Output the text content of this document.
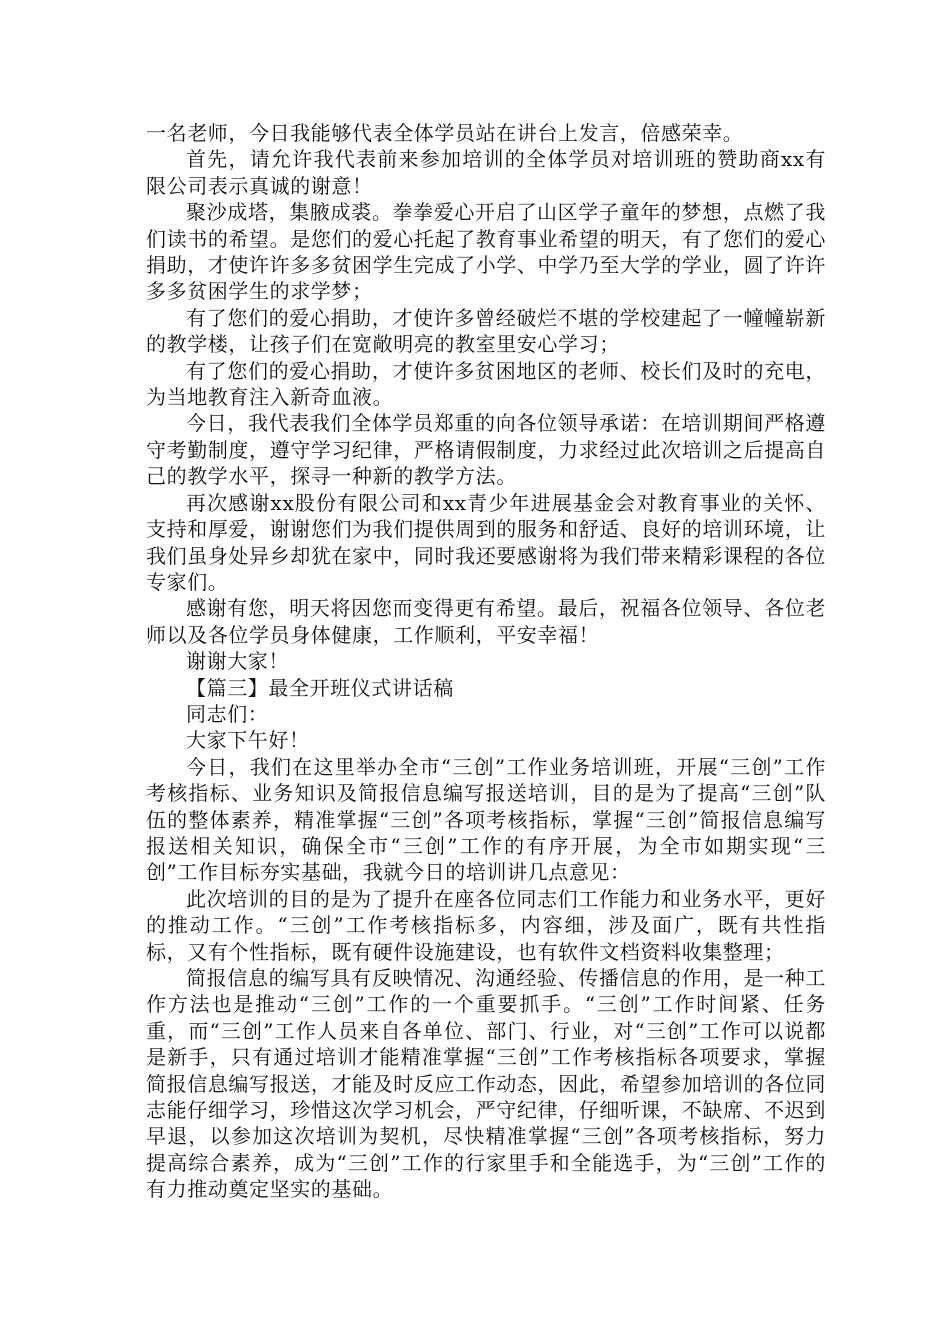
一名老师，今日我能够代表全体学员站在讲台上发言，倍感荣幸。

首先，请允许我代表前来参加培训的全体学员对培训班的赞助商xx有限公司表示真诚的谢意！

聚沙成塔，集腋成裘。拳拳爱心开启了山区学子童年的梦想，点燃了我们读书的希望。是您们的爱心托起了教育事业希望的明天，有了您们的爱心捐助，才使许许多多贫困学生完成了小学、中学乃至大学的学业，圆了许许多多贫困学生的求学梦；

有了您们的爱心捐助，才使许多曾经破烂不堪的学校建起了一幢幢崭新的教学楼，让孩子们在宽敞明亮的教室里安心学习；

有了您们的爱心捐助，才使许多贫困地区的老师、校长们及时的充电，为当地教育注入新奇血液。

今日，我代表我们全体学员郑重的向各位领导承诺：在培训期间严格遵守考勤制度，遵守学习纪律，严格请假制度，力求经过此次培训之后提高自己的教学水平，探寻一种新的教学方法。

再次感谢xx股份有限公司和xx青少年进展基金会对教育事业的关怀、支持和厚爱，谢谢您们为我们提供周到的服务和舒适、良好的培训环境，让我们虽身处异乡却犹在家中，同时我还要感谢将为我们带来精彩课程的各位专家们。

感谢有您，明天将因您而变得更有希望。最后，祝福各位领导、各位老师以及各位学员身体健康，工作顺利，平安幸福！

谢谢大家！

【篇三】最全开班仪式讲话稿

同志们：

大家下午好！

今日，我们在这里举办全市“三创”工作业务培训班，开展“三创”工作考核指标、业务知识及简报信息编写报送培训，目的是为了提高“三创”队伍的整体素养，精准掌握“三创”各项考核指标，掌握“三创”简报信息编写报送相关知识，确保全市“三创”工作的有序开展，为全市如期实现“三创”工作目标夯实基础，我就今日的培训讲几点意见：

此次培训的目的是为了提升在座各位同志们工作能力和业务水平，更好的推动工作。“三创”工作考核指标多，内容细，涉及面广，既有共性指标，又有个性指标，既有硬件设施建设，也有软件文档资料收集整理；

简报信息的编写具有反映情况、沟通经验、传播信息的作用，是一种工作方法也是推动“三创”工作的一个重要抓手。“三创”工作时间紧、任务重，而“三创”工作人员来自各单位、部门、行业，对“三创”工作可以说都是新手，只有通过培训才能精准掌握“三创”工作考核指标各项要求，掌握简报信息编写报送，才能及时反应工作动态，因此，希望参加培训的各位同志能仔细学习，珍惜这次学习机会，严守纪律，仔细听课，不缺席、不迟到早退，以参加这次培训为契机，尽快精准掌握“三创”各项考核指标，努力提高综合素养，成为“三创”工作的行家里手和全能选手，为“三创”工作的有力推动奠定坚实的基础。
